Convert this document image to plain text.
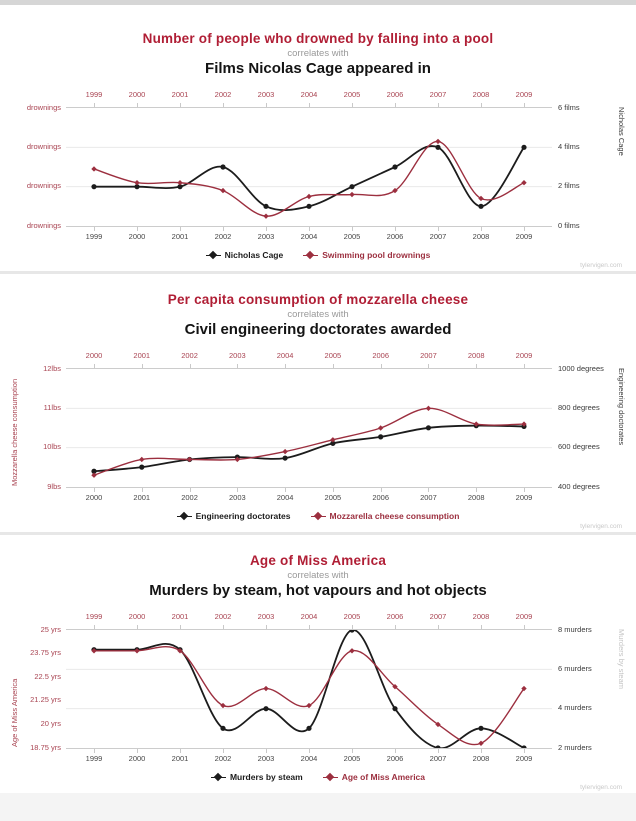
Number of people who drowned by falling into a pool
correlates with
Films Nicolas Cage appeared in
drownings
drownings
drownings
drownings
1999	2000	2001	2002	2003	2004	2005	2006	2007	2008	2009
1999	2000	2001	2002	2003	2004	2005	2006	2007	2008	2009
6 films
4 films
2 films
0 films
Nicholas Cage
Nicholas Cage	Swimming pool drownings
tylervigen.com
Per capita consumption of mozzarella cheese
correlates with
Civil engineering doctorates awarded
12lbs
11lbs
10lbs
9lbs
Mozzarella cheese consumption
2000	2001	2002	2003	2004	2005	2006	2007	2008	2009
2000	2001	2002	2003	2004	2005	2006	2007	2008	2009
1000 degrees
800 degrees
600 degrees
400 degrees
Engineering doctorates
Engineering doctorates	Mozzarella cheese consumption
tylervigen.com
Age of Miss America
correlates with
Murders by steam, hot vapours and hot objects
25 yrs
23.75 yrs
22.5 yrs
21.25 yrs
20 yrs
18.75 yrs
Age of Miss America
1999	2000	2001	2002	2003	2004	2005	2006	2007	2008	2009
1999	2000	2001	2002	2003	2004	2005	2006	2007	2008	2009
8 murders
6 murders
4 murders
2 murders
Murders by steam
Murders by steam	Age of Miss America
tylervigen.com
